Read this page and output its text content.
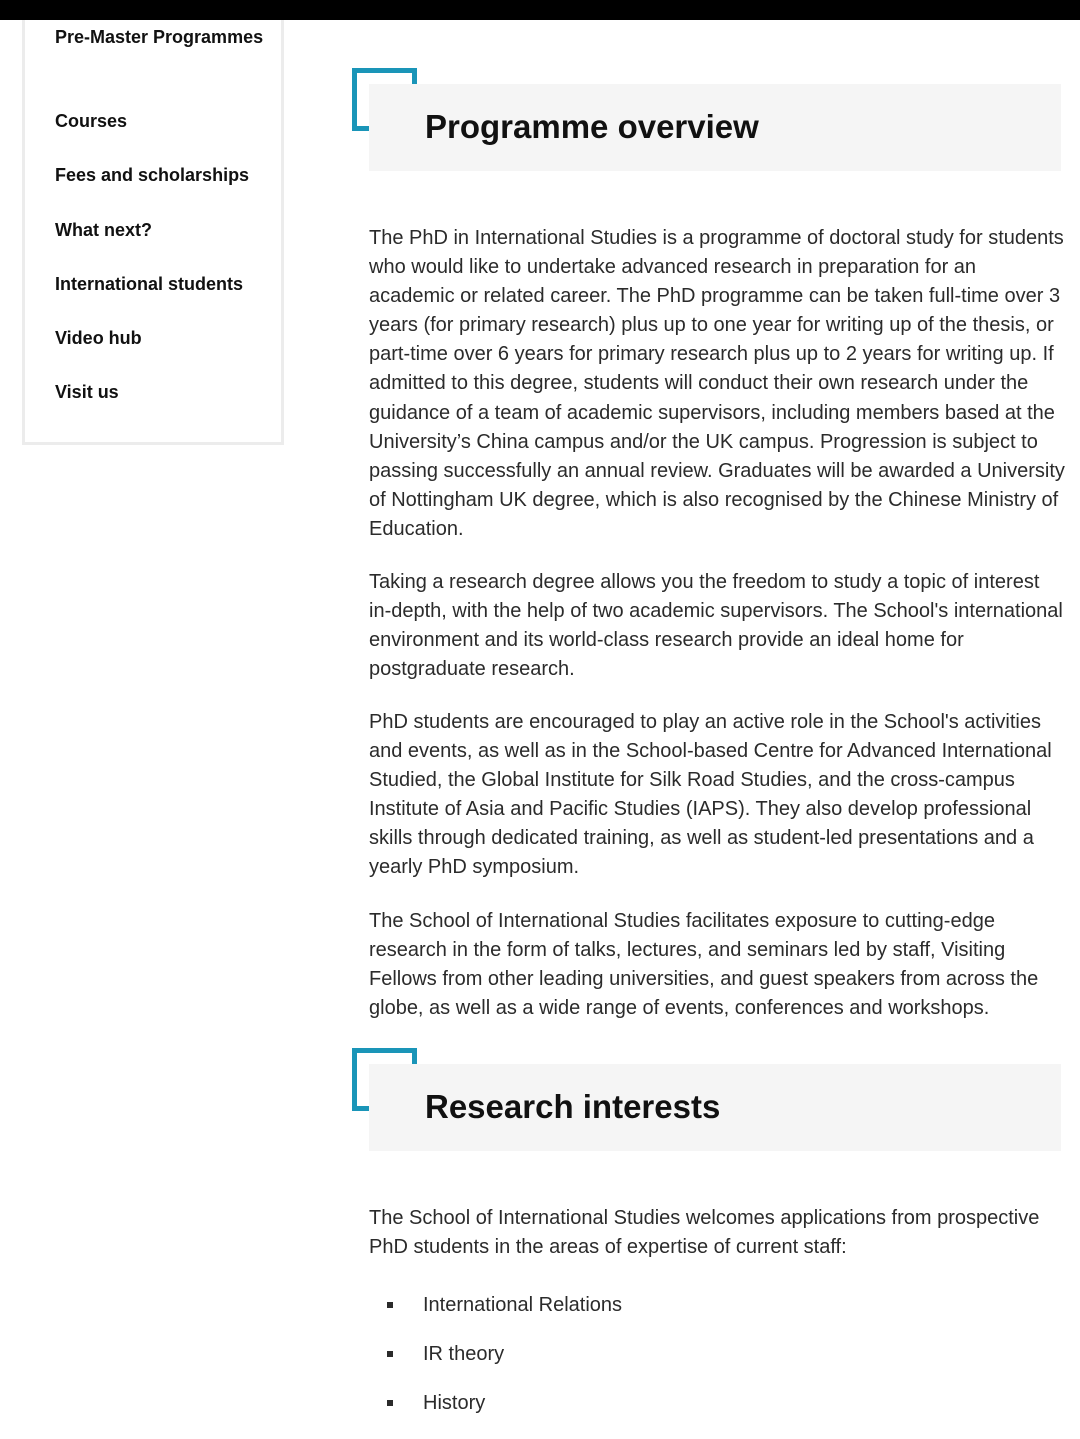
Pre-Master Programmes
Courses
Fees and scholarships
What next?
International students
Video hub
Visit us
Programme overview

The PhD in International Studies is a programme of doctoral study for students who would like to undertake advanced research in preparation for an academic or related career. The PhD programme can be taken full-time over 3 years (for primary research) plus up to one year for writing up of the thesis, or part-time over 6 years for primary research plus up to 2 years for writing up. If admitted to this degree, students will conduct their own research under the guidance of a team of academic supervisors, including members based at the University’s China campus and/or the UK campus. Progression is subject to passing successfully an annual review. Graduates will be awarded a University of Nottingham UK degree, which is also recognised by the Chinese Ministry of Education.

Taking a research degree allows you the freedom to study a topic of interest in-depth, with the help of two academic supervisors. The School's international environment and its world-class research provide an ideal home for postgraduate research.

PhD students are encouraged to play an active role in the School's activities and events, as well as in the School-based Centre for Advanced International Studied, the Global Institute for Silk Road Studies, and the cross-campus Institute of Asia and Pacific Studies (IAPS). They also develop professional skills through dedicated training, as well as student-led presentations and a yearly PhD symposium.

The School of International Studies facilitates exposure to cutting-edge research in the form of talks, lectures, and seminars led by staff, Visiting Fellows from other leading universities, and guest speakers from across the globe, as well as a wide range of events, conferences and workshops.

Research interests

The School of International Studies welcomes applications from prospective PhD students in the areas of expertise of current staff:

International Relations
IR theory
History
